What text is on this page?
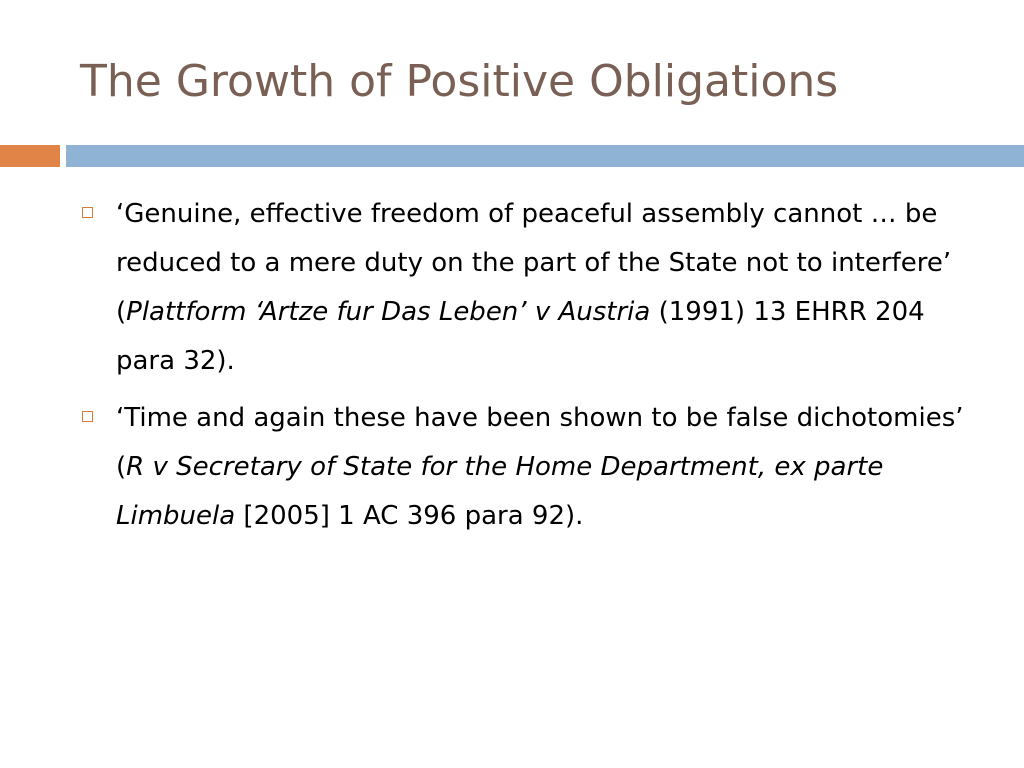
The Growth of Positive Obligations
‘Genuine, effective freedom of peaceful assembly cannot … be reduced to a mere duty on the part of the State not to interfere’ (Plattform ‘Artze fur Das Leben’ v Austria (1991) 13 EHRR 204 para 32).
‘Time and again these have been shown to be false dichotomies’ (R v Secretary of State for the Home Department, ex parte Limbuela [2005] 1 AC 396 para 92).
